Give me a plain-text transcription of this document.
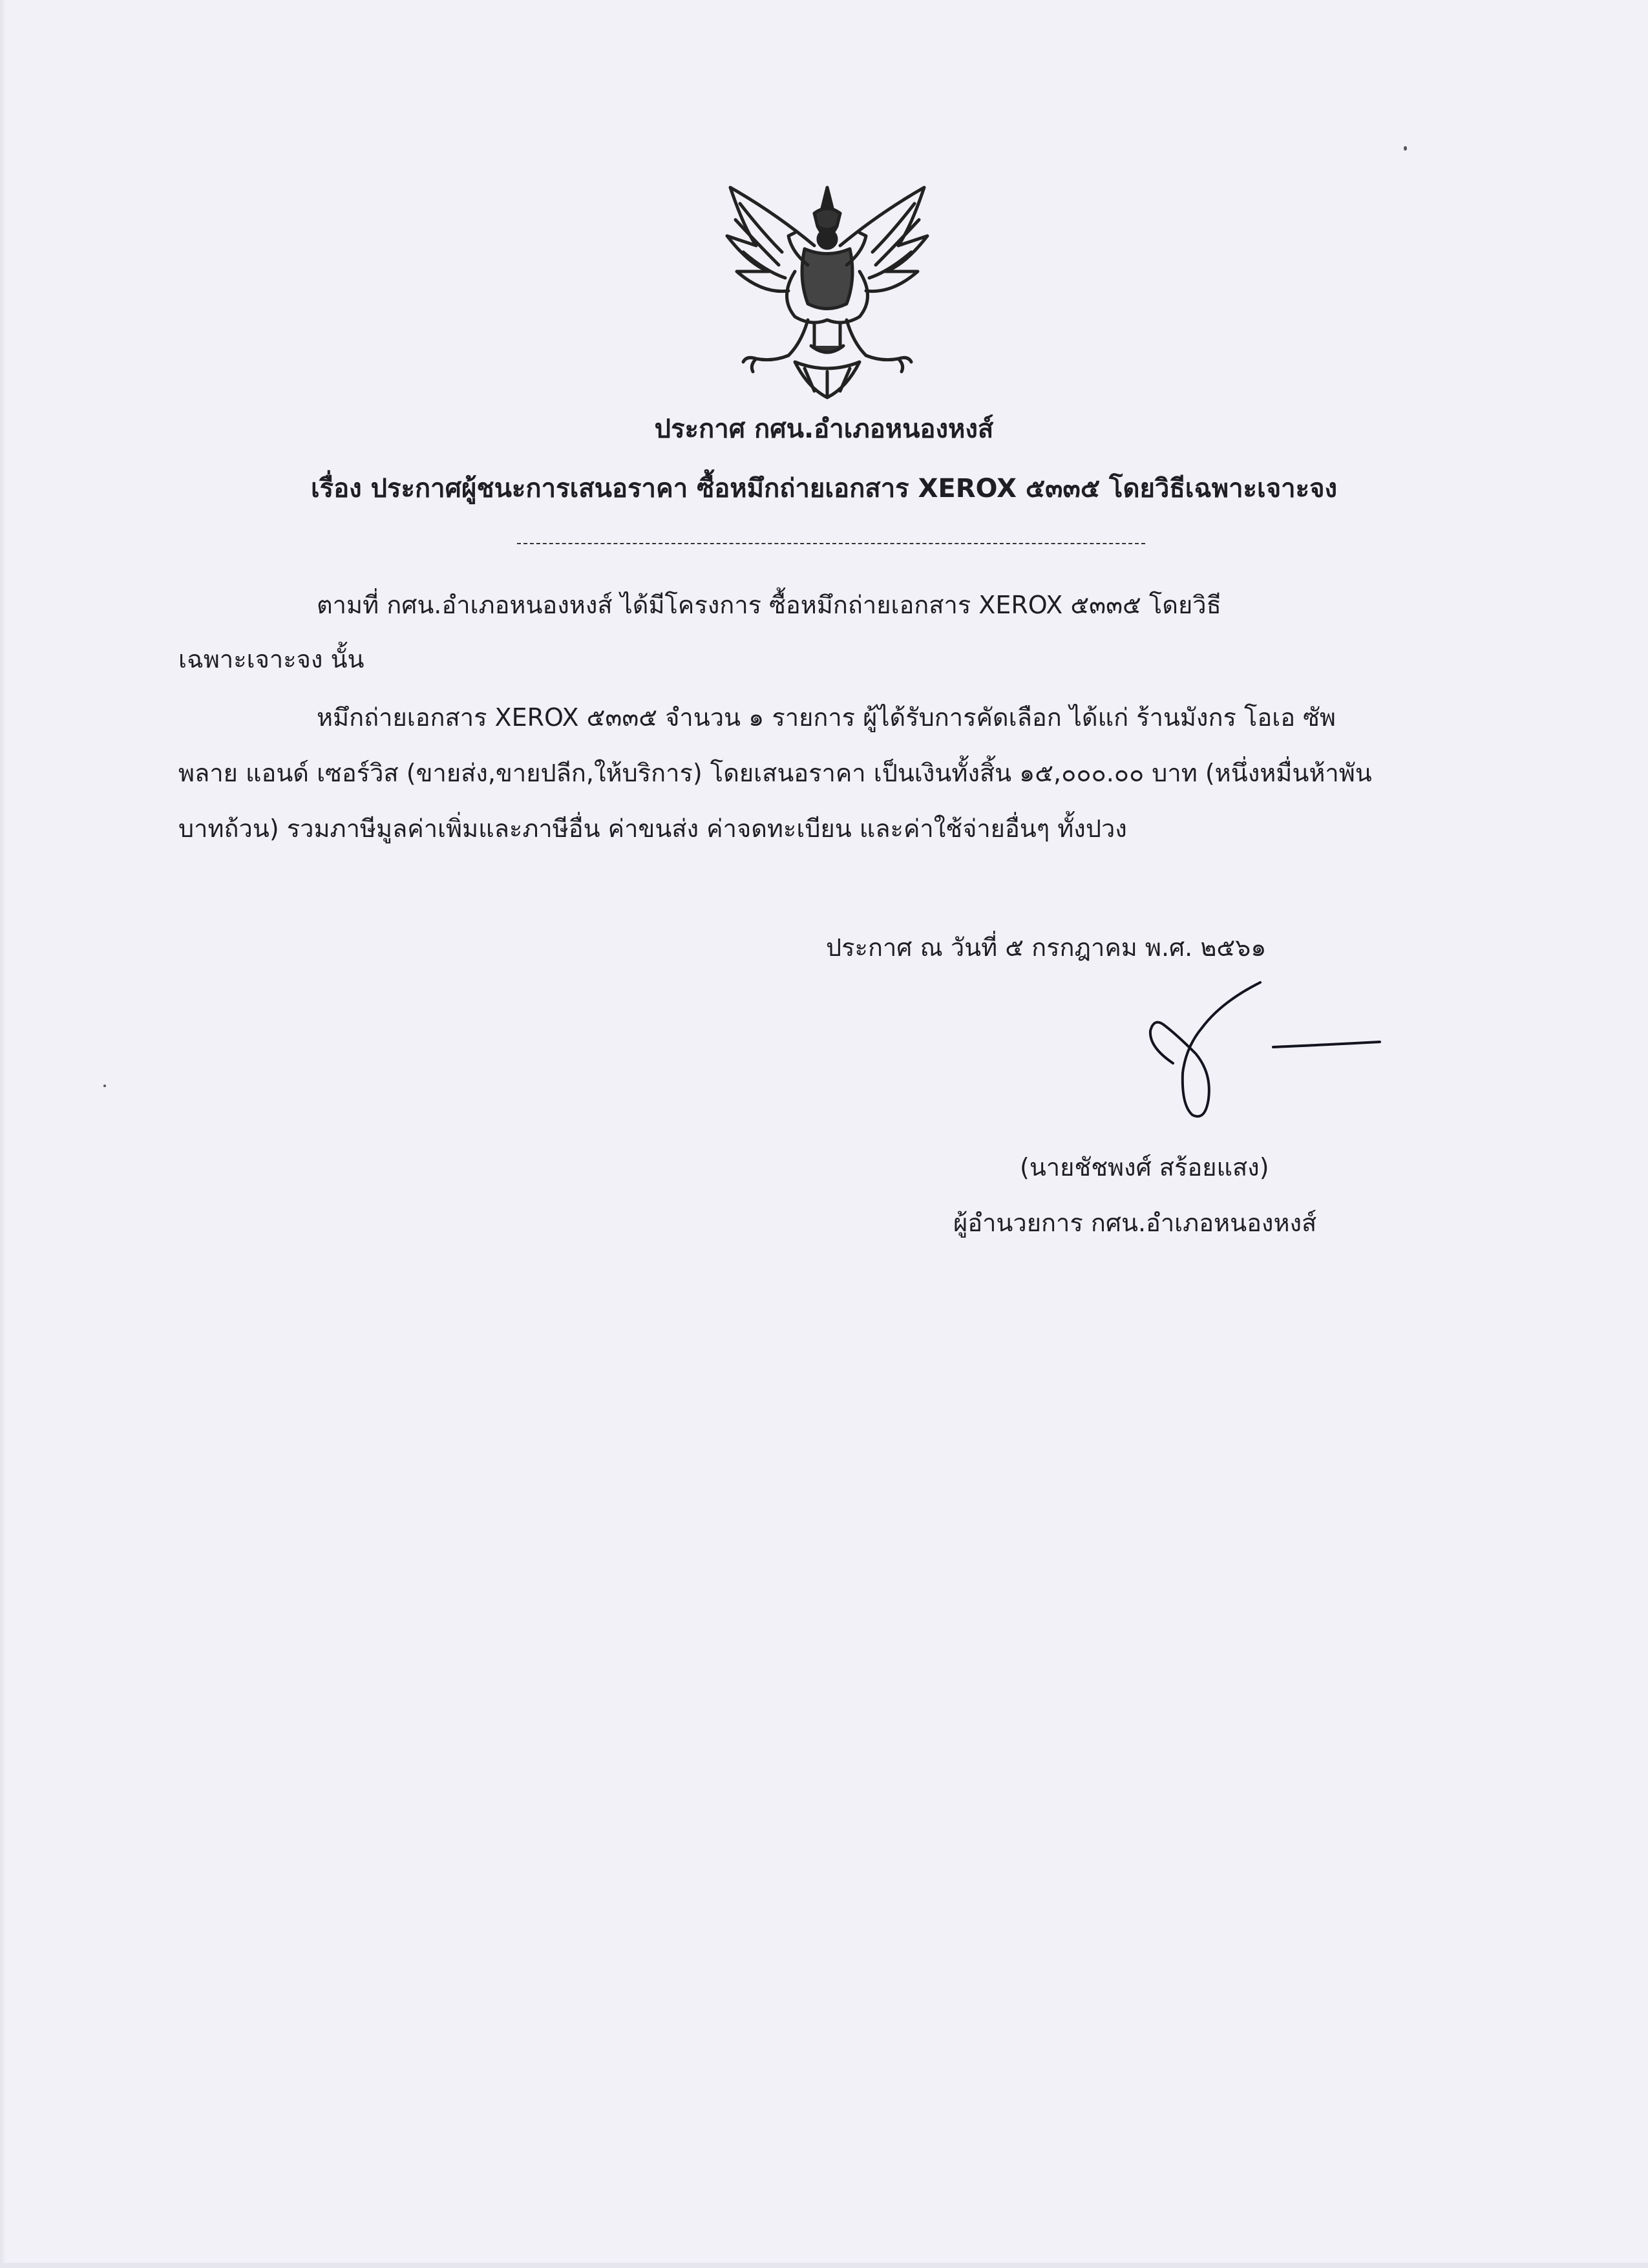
ประกาศ กศน.อำเภอหนองหงส์
เรื่อง ประกาศผู้ชนะการเสนอราคา ซื้อหมึกถ่ายเอกสาร XEROX ๕๓๓๕ โดยวิธีเฉพาะเจาะจง
ตามที่ กศน.อำเภอหนองหงส์ ได้มีโครงการ ซื้อหมึกถ่ายเอกสาร XEROX ๕๓๓๕ โดยวิธี
เฉพาะเจาะจง นั้น
หมึกถ่ายเอกสาร XEROX ๕๓๓๕ จำนวน ๑ รายการ ผู้ได้รับการคัดเลือก ได้แก่ ร้านมังกร โอเอ ซัพ
พลาย แอนด์ เซอร์วิส (ขายส่ง,ขายปลีก,ให้บริการ) โดยเสนอราคา เป็นเงินทั้งสิ้น ๑๕,๐๐๐.๐๐ บาท (หนึ่งหมื่นห้าพัน
บาทถ้วน) รวมภาษีมูลค่าเพิ่มและภาษีอื่น ค่าขนส่ง ค่าจดทะเบียน และค่าใช้จ่ายอื่นๆ ทั้งปวง
ประกาศ ณ วันที่ ๕ กรกฎาคม พ.ศ. ๒๕๖๑
(นายชัชพงศ์ สร้อยแสง)
ผู้อำนวยการ กศน.อำเภอหนองหงส์
